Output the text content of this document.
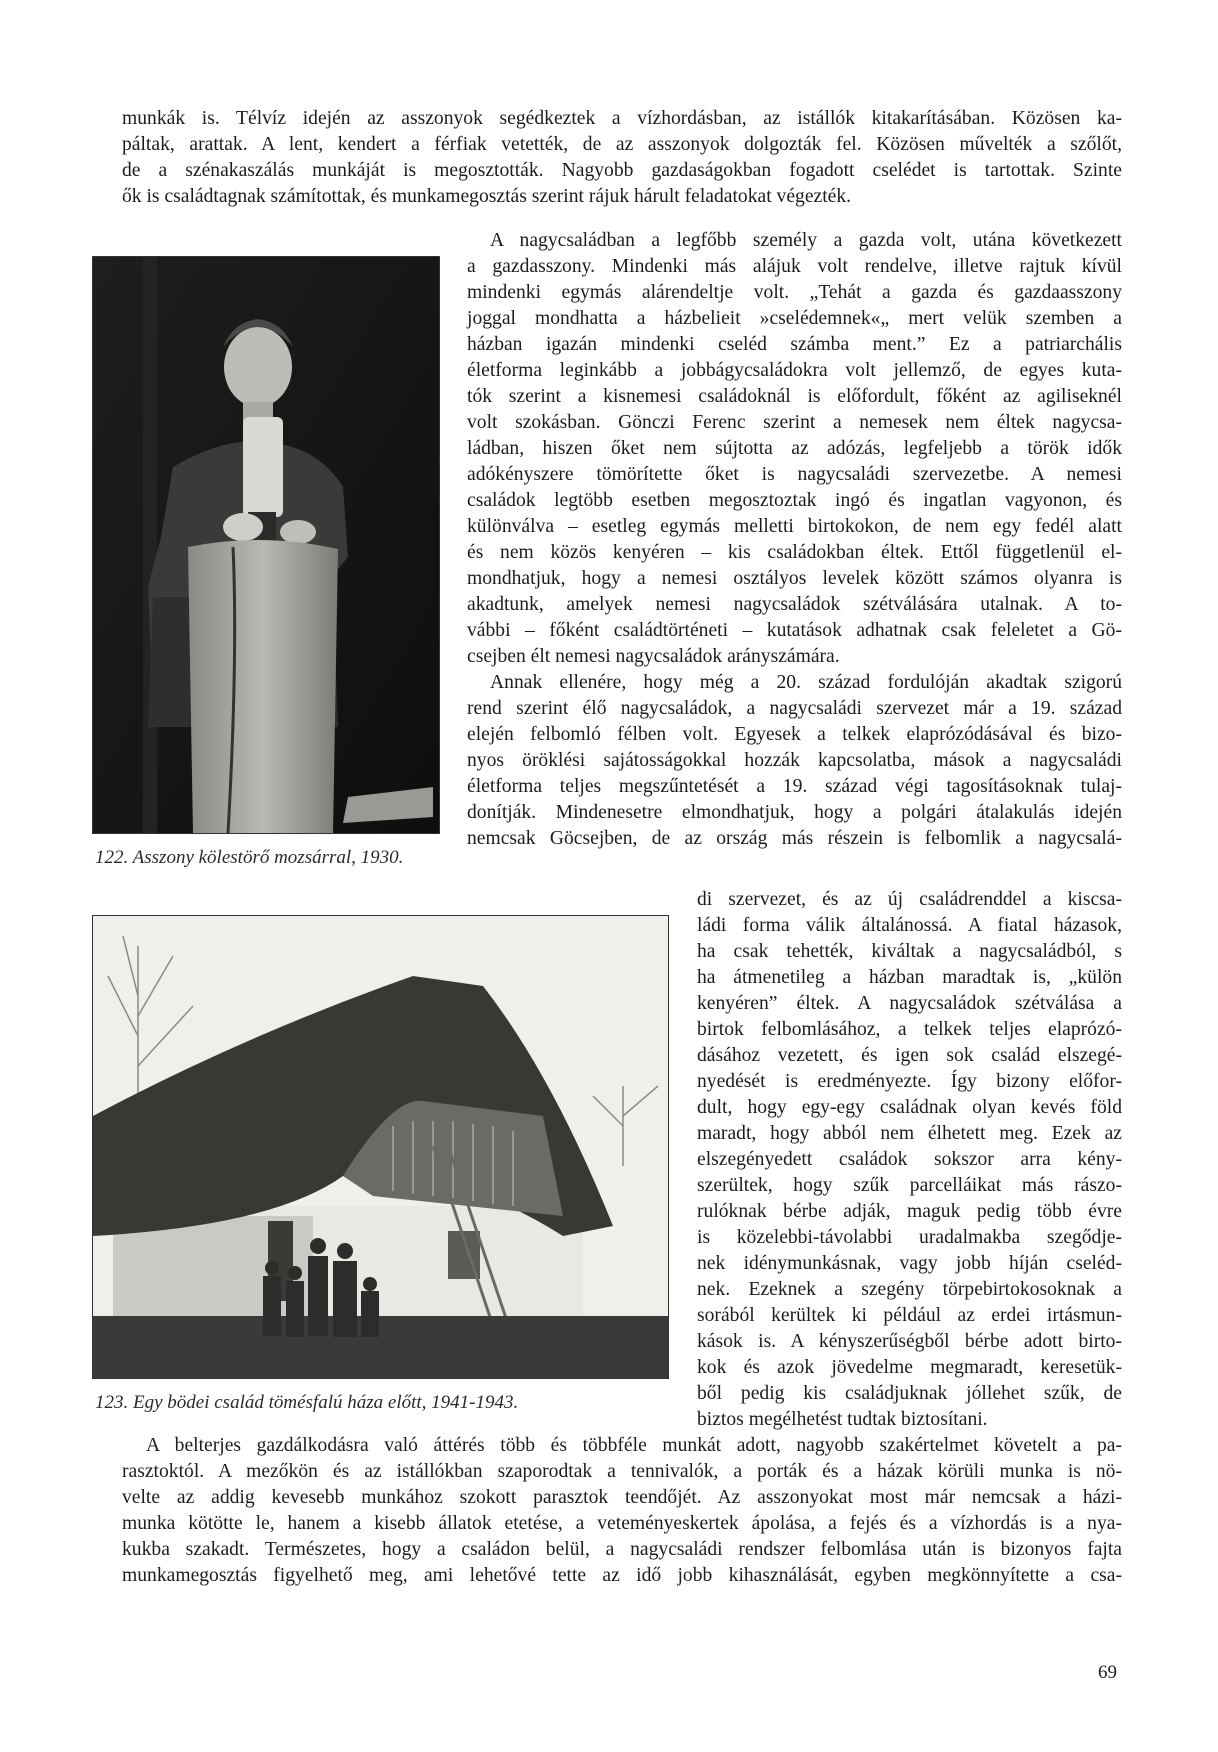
munkák is. Télvíz idején az asszonyok segédkeztek a vízhordásban, az istállók kitakarításában. Közösen ka-
páltak, arattak. A lent, kendert a férfiak vetették, de az asszonyok dolgozták fel. Közösen művelték a szőlőt,
de a szénakaszálás munkáját is megosztották. Nagyobb gazdaságokban fogadott cselédet is tartottak. Szinte
ők is családtagnak számítottak, és munkamegosztás szerint rájuk hárult feladatokat végezték.
122. Asszony kölestörő mozsárral, 1930.
A nagycsaládban a legfőbb személy a gazda volt, utána következett
a gazdasszony. Mindenki más alájuk volt rendelve, illetve rajtuk kívül
mindenki egymás alárendeltje volt. „Tehát a gazda és gazdaasszony
joggal mondhatta a házbelieit »cselédemnek«„ mert velük szemben a
házban igazán mindenki cseléd számba ment.” Ez a patriarchális
életforma leginkább a jobbágycsaládokra volt jellemző, de egyes kuta-
tók szerint a kisnemesi családoknál is előfordult, főként az agiliseknél
volt szokásban. Gönczi Ferenc szerint a nemesek nem éltek nagycsa-
ládban, hiszen őket nem sújtotta az adózás, legfeljebb a török idők
adókényszere tömörítette őket is nagycsaládi szervezetbe. A nemesi
családok legtöbb esetben megosztoztak ingó és ingatlan vagyonon, és
különválva – esetleg egymás melletti birtokokon, de nem egy fedél alatt
és nem közös kenyéren – kis családokban éltek. Ettől függetlenül el-
mondhatjuk, hogy a nemesi osztályos levelek között számos olyanra is
akadtunk, amelyek nemesi nagycsaládok szétválására utalnak. A to-
vábbi – főként családtörténeti – kutatások adhatnak csak feleletet a Gö-
csejben élt nemesi nagycsaládok arányszámára.
Annak ellenére, hogy még a 20. század fordulóján akadtak szigorú
rend szerint élő nagycsaládok, a nagycsaládi szervezet már a 19. század
elején felbomló félben volt. Egyesek a telkek elaprózódásával és bizo-
nyos öröklési sajátosságokkal hozzák kapcsolatba, mások a nagycsaládi
életforma teljes megszűntetését a 19. század végi tagosításoknak tulaj-
donítják. Mindenesetre elmondhatjuk, hogy a polgári átalakulás idején
nemcsak Göcsejben, de az ország más részein is felbomlik a nagycsalá-
123. Egy bödei család tömésfalú háza előtt, 1941-1943.
di szervezet, és az új családrenddel a kiscsa-
ládi forma válik általánossá. A fiatal házasok,
ha csak tehették, kiváltak a nagycsaládból, s
ha átmenetileg a házban maradtak is, „külön
kenyéren” éltek. A nagycsaládok szétválása a
birtok felbomlásához, a telkek teljes elaprózó-
dásához vezetett, és igen sok család elszegé-
nyedését is eredményezte. Így bizony előfor-
dult, hogy egy-egy családnak olyan kevés föld
maradt, hogy abból nem élhetett meg. Ezek az
elszegényedett családok sokszor arra kény-
szerültek, hogy szűk parcelláikat más rászo-
rulóknak bérbe adják, maguk pedig több évre
is közelebbi-távolabbi uradalmakba szegődje-
nek idénymunkásnak, vagy jobb híján cseléd-
nek. Ezeknek a szegény törpebirtokosoknak a
sorából kerültek ki például az erdei irtásmun-
kások is. A kényszerűségből bérbe adott birto-
kok és azok jövedelme megmaradt, keresetük-
ből pedig kis családjuknak jóllehet szűk, de
biztos megélhetést tudtak biztosítani.
A belterjes gazdálkodásra való áttérés több és többféle munkát adott, nagyobb szakértelmet követelt a pa-
rasztoktól. A mezőkön és az istállókban szaporodtak a tennivalók, a porták és a házak körüli munka is nö-
velte az addig kevesebb munkához szokott parasztok teendőjét. Az asszonyokat most már nemcsak a házi-
munka kötötte le, hanem a kisebb állatok etetése, a veteményeskertek ápolása, a fejés és a vízhordás is a nya-
kukba szakadt. Természetes, hogy a családon belül, a nagycsaládi rendszer felbomlása után is bizonyos fajta
munkamegosztás figyelhető meg, ami lehetővé tette az idő jobb kihasználását, egyben megkönnyítette a csa-
69
